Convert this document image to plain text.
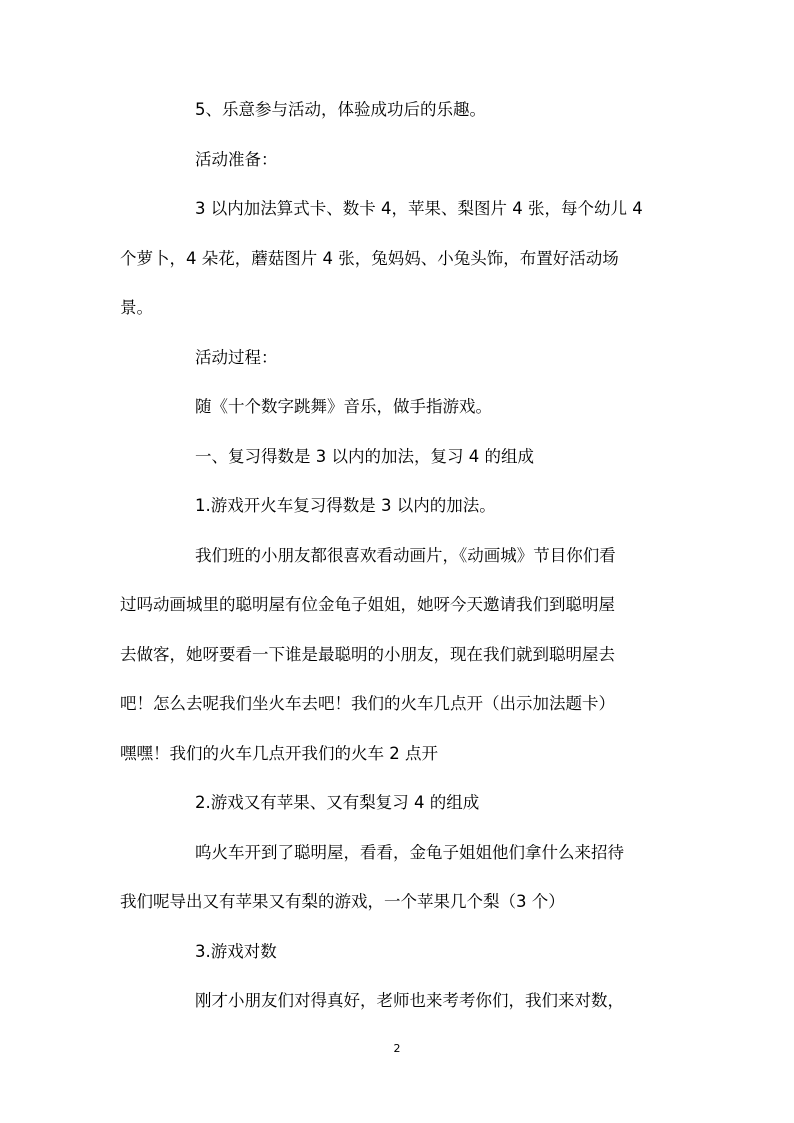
5、乐意参与活动，体验成功后的乐趣。
活动准备：
3 以内加法算式卡、数卡 4，苹果、梨图片 4 张，每个幼儿 4
个萝卜，4 朵花，蘑菇图片 4 张，兔妈妈、小兔头饰，布置好活动场
景。
活动过程：
随《十个数字跳舞》音乐，做手指游戏。
一、复习得数是 3 以内的加法，复习 4 的组成
1.游戏开火车复习得数是 3 以内的加法。
我们班的小朋友都很喜欢看动画片，《动画城》节目你们看
过吗动画城里的聪明屋有位金龟子姐姐，她呀今天邀请我们到聪明屋
去做客，她呀要看一下谁是最聪明的小朋友，现在我们就到聪明屋去
吧！怎么去呢我们坐火车去吧！我们的火车几点开（出示加法题卡）
嘿嘿！我们的火车几点开我们的火车 2 点开
2.游戏又有苹果、又有梨复习 4 的组成
呜火车开到了聪明屋，看看，金龟子姐姐他们拿什么来招待
我们呢导出又有苹果又有梨的游戏，一个苹果几个梨（3 个）
3.游戏对数
刚才小朋友们对得真好，老师也来考考你们，我们来对数，
2
